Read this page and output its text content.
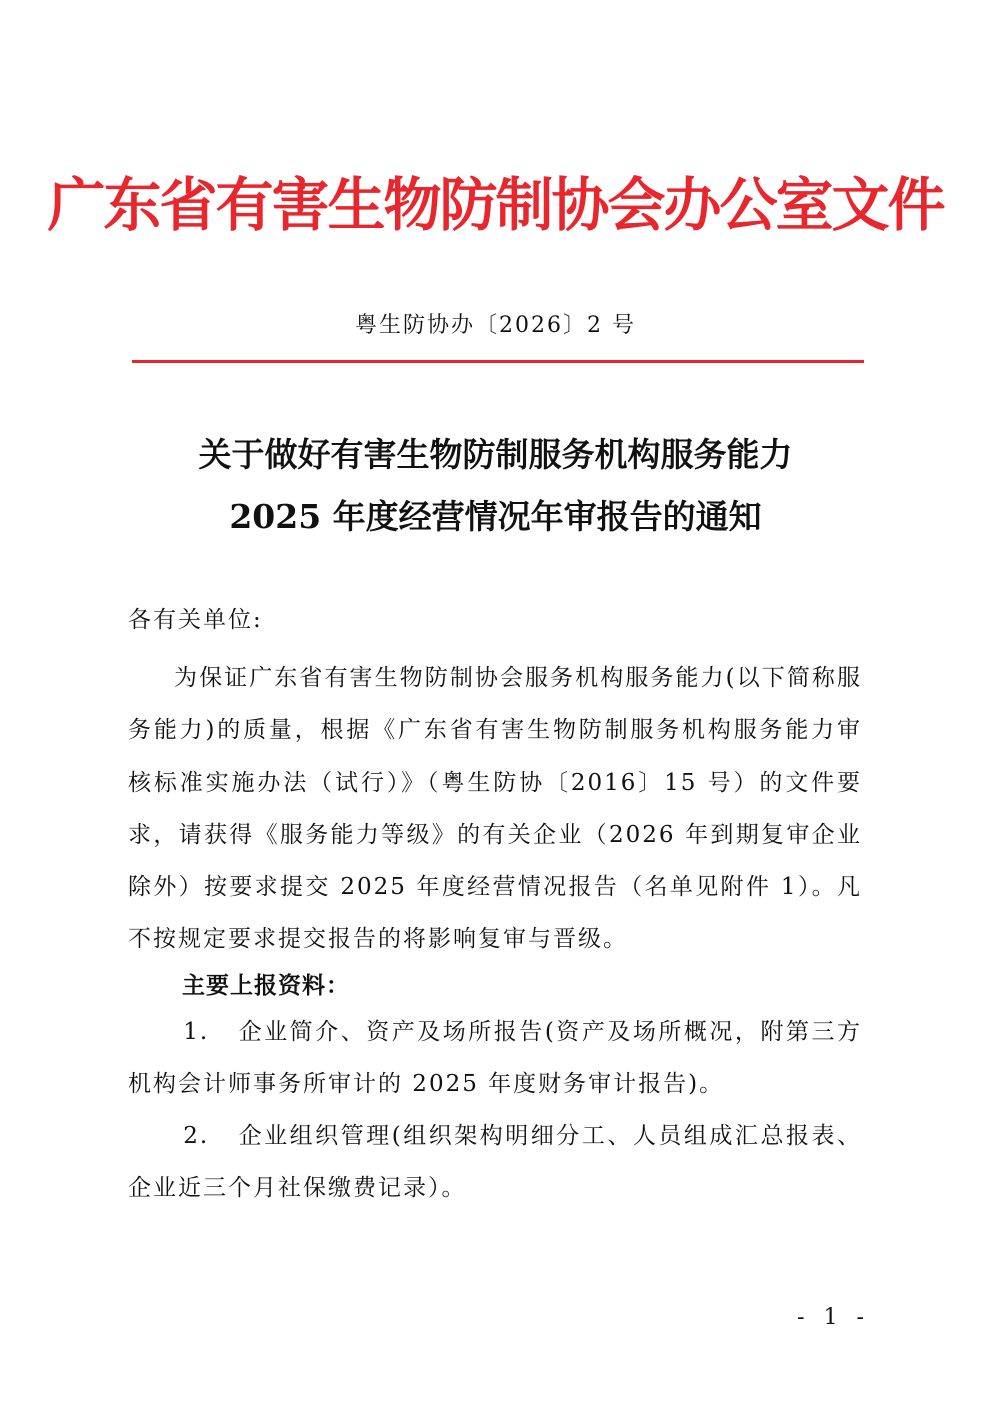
广东省有害生物防制协会办公室文件
粤生防协办〔2026〕2 号
关于做好有害生物防制服务机构服务能力
2025 年度经营情况年审报告的通知
各有关单位:
为保证广东省有害生物防制协会服务机构服务能力(以下简称服务能力)的质量，根据《广东省有害生物防制服务机构服务能力审核标准实施办法（试行）》（粤生防协〔2016〕15 号）的文件要求，请获得《服务能力等级》的有关企业（2026 年到期复审企业除外）按要求提交 2025 年度经营情况报告（名单见附件 1）。凡不按规定要求提交报告的将影响复审与晋级。
主要上报资料：
1. 企业简介、资产及场所报告(资产及场所概况，附第三方机构会计师事务所审计的 2025 年度财务审计报告)。
2. 企业组织管理(组织架构明细分工、人员组成汇总报表、企业近三个月社保缴费记录）。
- 1 -
